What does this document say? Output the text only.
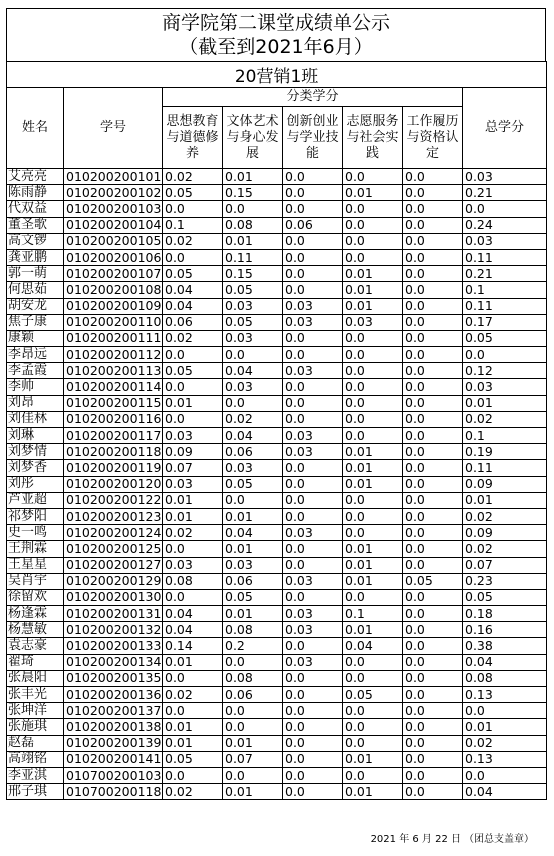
商学院第二课堂成绩单公示
（截至到2021年6月）
20营销1班							
姓名	学号	分类学分					总学分
		思想教育与道德修养	文体艺术与身心发展	创新创业与学业技能	志愿服务与社会实践	工作履历与资格认定	
艾亮亮	010200200101	0.02	0.01	0.0	0.0	0.0	0.03
陈雨静	010200200102	0.05	0.15	0.0	0.01	0.0	0.21
代双益	010200200103	0.0	0.0	0.0	0.0	0.0	0.0
董圣歌	010200200104	0.1	0.08	0.06	0.0	0.0	0.24
高文锣	010200200105	0.02	0.01	0.0	0.0	0.0	0.03
龚亚鹏	010200200106	0.0	0.11	0.0	0.0	0.0	0.11
郭一萌	010200200107	0.05	0.15	0.0	0.01	0.0	0.21
何思茹	010200200108	0.04	0.05	0.0	0.01	0.0	0.1
胡安龙	010200200109	0.04	0.03	0.03	0.01	0.0	0.11
焦子康	010200200110	0.06	0.05	0.03	0.03	0.0	0.17
康颖	010200200111	0.02	0.03	0.0	0.0	0.0	0.05
李昂远	010200200112	0.0	0.0	0.0	0.0	0.0	0.0
李孟霞	010200200113	0.05	0.04	0.03	0.0	0.0	0.12
李帅	010200200114	0.0	0.03	0.0	0.0	0.0	0.03
刘昂	010200200115	0.01	0.0	0.0	0.0	0.0	0.01
刘佳林	010200200116	0.0	0.02	0.0	0.0	0.0	0.02
刘琳	010200200117	0.03	0.04	0.03	0.0	0.0	0.1
刘梦情	010200200118	0.09	0.06	0.03	0.01	0.0	0.19
刘梦香	010200200119	0.07	0.03	0.0	0.01	0.0	0.11
刘彤	010200200120	0.03	0.05	0.0	0.01	0.0	0.09
芦亚超	010200200122	0.01	0.0	0.0	0.0	0.0	0.01
祁梦阳	010200200123	0.01	0.01	0.0	0.0	0.0	0.02
史一鸣	010200200124	0.02	0.04	0.03	0.0	0.0	0.09
王荆霖	010200200125	0.0	0.01	0.0	0.01	0.0	0.02
王星星	010200200127	0.03	0.03	0.0	0.01	0.0	0.07
吴肖宇	010200200129	0.08	0.06	0.03	0.01	0.05	0.23
徐留欢	010200200130	0.0	0.05	0.0	0.0	0.0	0.05
杨逢霖	010200200131	0.04	0.01	0.03	0.1	0.0	0.18
杨慧敏	010200200132	0.04	0.08	0.03	0.01	0.0	0.16
袁志豪	010200200133	0.14	0.2	0.0	0.04	0.0	0.38
翟琦	010200200134	0.01	0.0	0.03	0.0	0.0	0.04
张晨阳	010200200135	0.0	0.08	0.0	0.0	0.0	0.08
张丰光	010200200136	0.02	0.06	0.0	0.05	0.0	0.13
张坤洋	010200200137	0.0	0.0	0.0	0.0	0.0	0.0
张施琪	010200200138	0.01	0.0	0.0	0.0	0.0	0.01
赵磊	010200200139	0.01	0.01	0.0	0.0	0.0	0.02
高翊铭	010200200141	0.05	0.07	0.0	0.01	0.0	0.13
李亚淇	010700200103	0.0	0.0	0.0	0.0	0.0	0.0
邢子琪	010700200118	0.02	0.01	0.0	0.01	0.0	0.04
2021 年 6 月 22 日 （团总支盖章）
